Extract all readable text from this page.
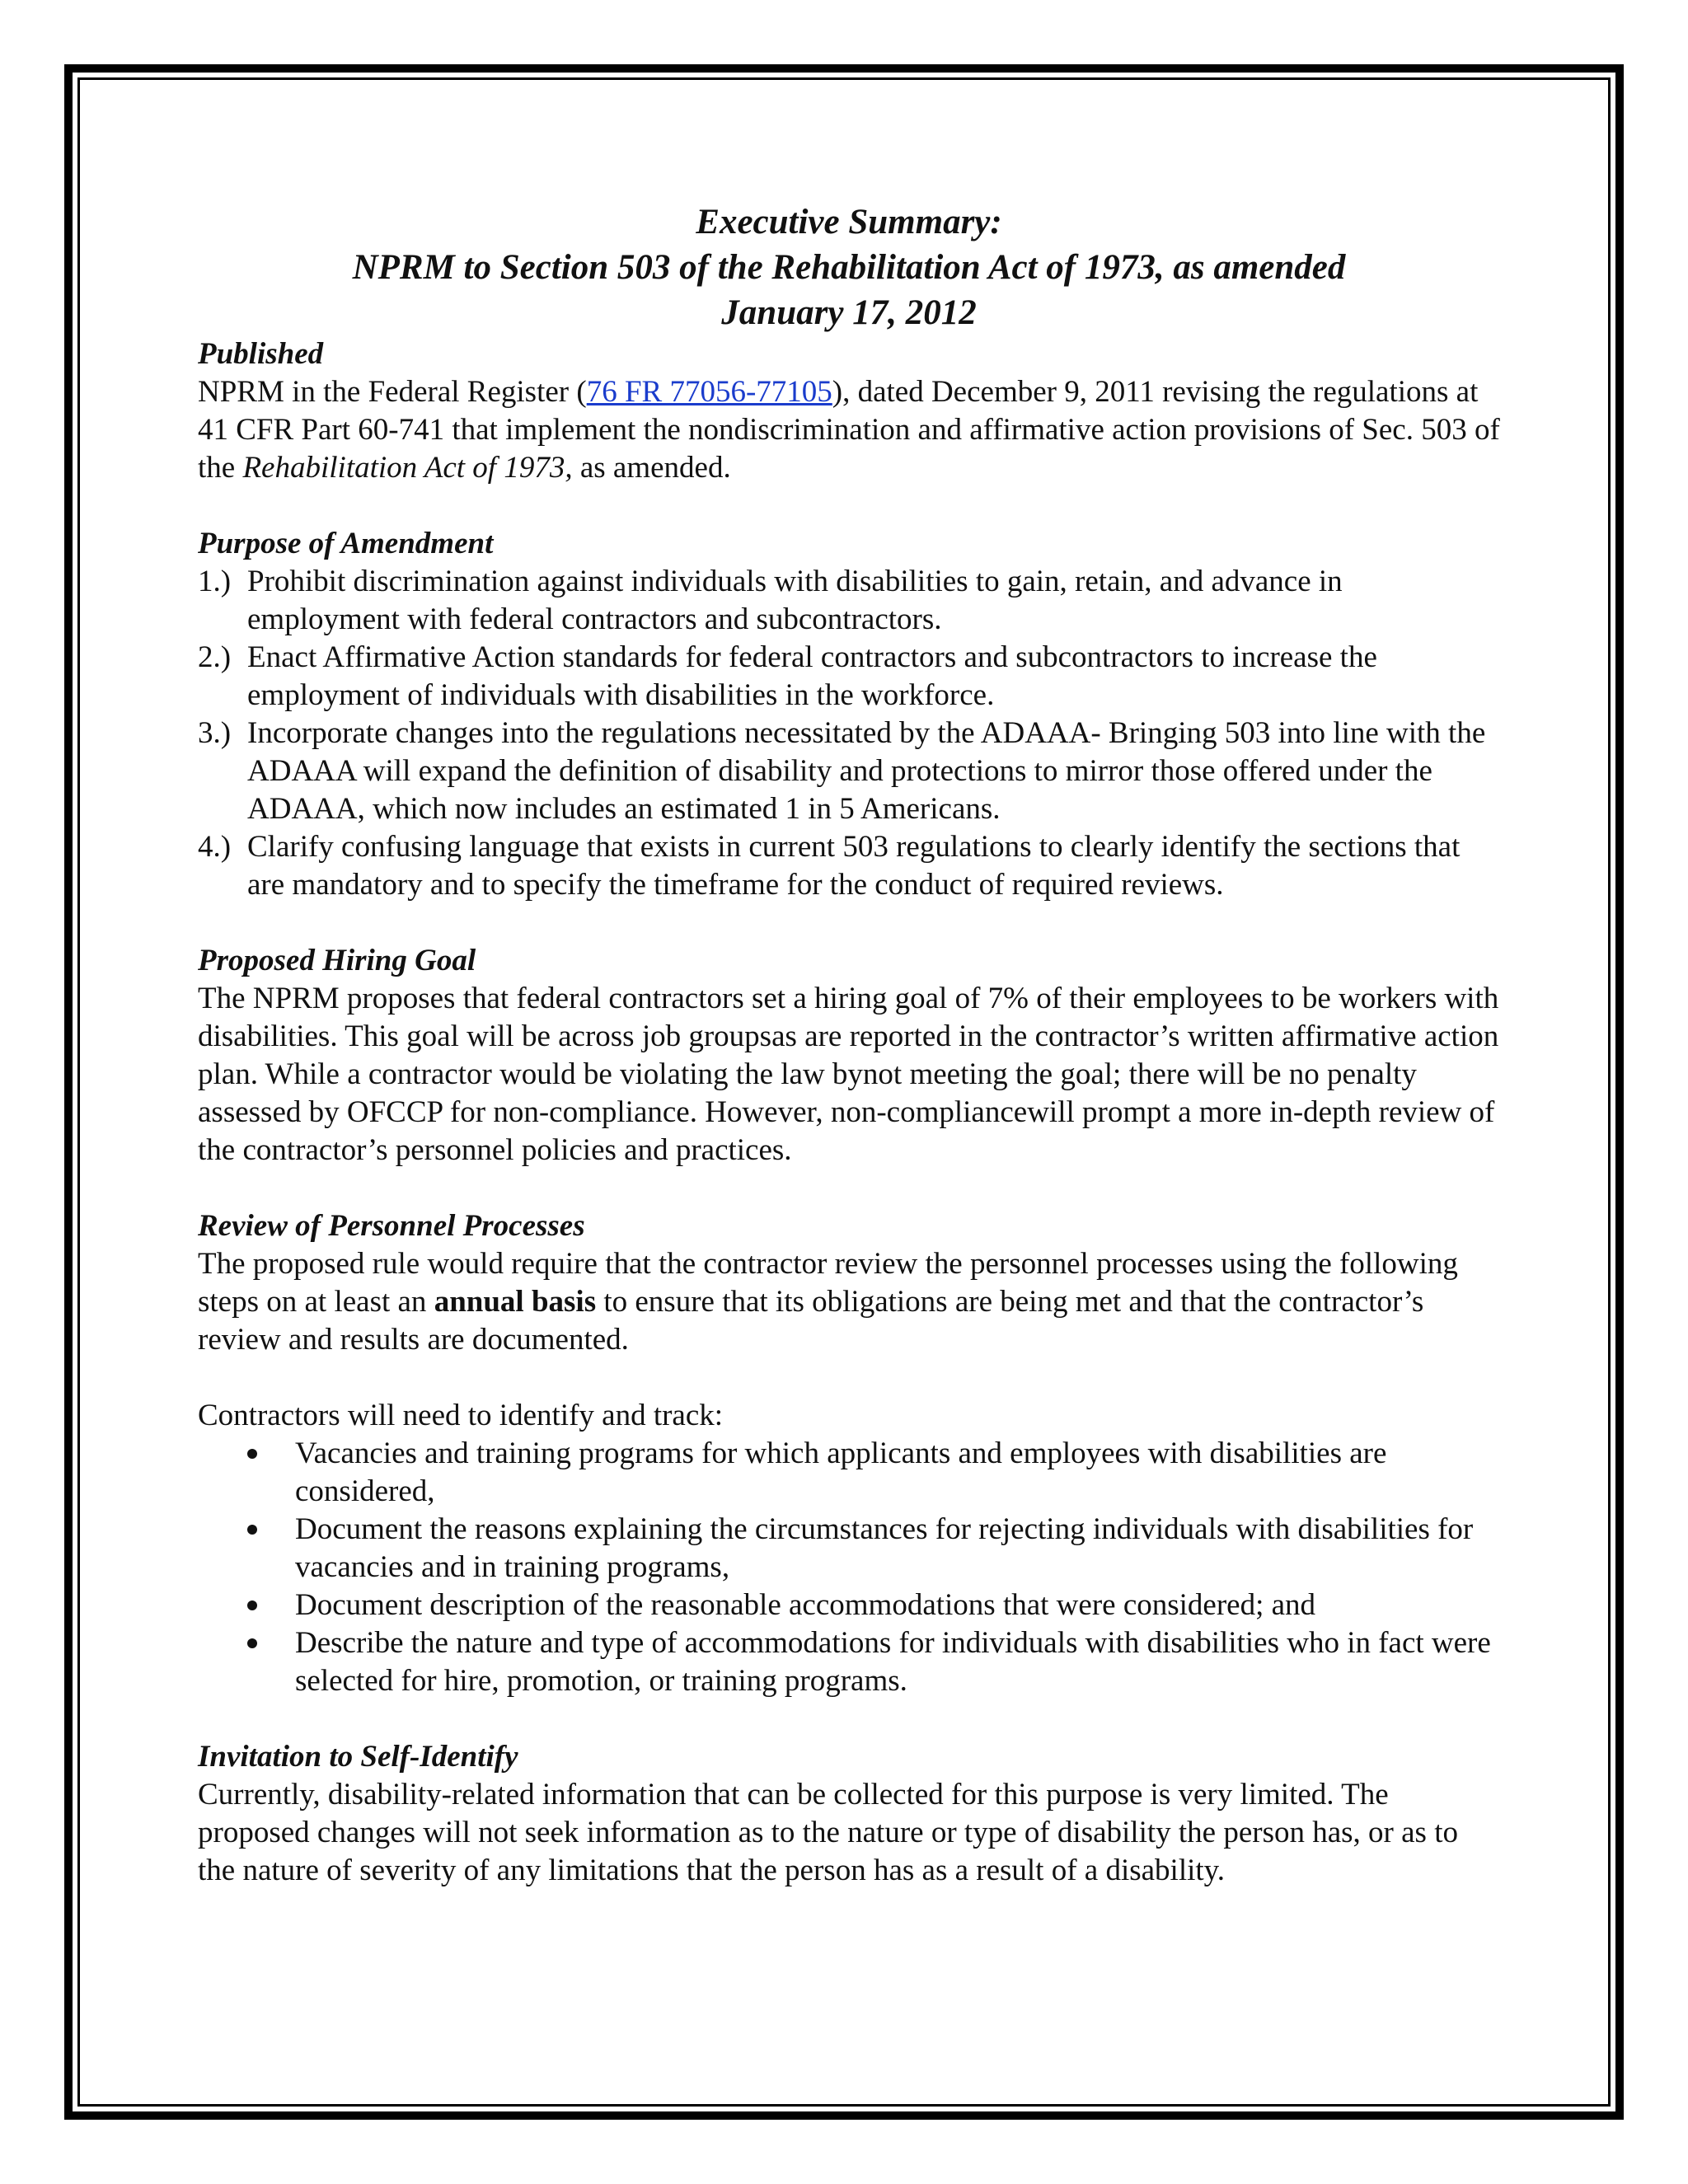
Executive Summary:
NPRM to Section 503 of the Rehabilitation Act of 1973, as amended
January 17, 2012
Published

NPRM in the Federal Register (76 FR 77056-77105), dated December 9, 2011 revising the regulations at 41 CFR Part 60-741 that implement the nondiscrimination and affirmative action provisions of Sec. 503 of the Rehabilitation Act of 1973, as amended.

Purpose of Amendment
1.) Prohibit discrimination against individuals with disabilities to gain, retain, and advance in employment with federal contractors and subcontractors.
2.) Enact Affirmative Action standards for federal contractors and subcontractors to increase the employment of individuals with disabilities in the workforce.
3.) Incorporate changes into the regulations necessitated by the ADAAA- Bringing 503 into line with the ADAAA will expand the definition of disability and protections to mirror those offered under the ADAAA, which now includes an estimated 1 in 5 Americans.
4.) Clarify confusing language that exists in current 503 regulations to clearly identify the sections that are mandatory and to specify the timeframe for the conduct of required reviews.
Proposed Hiring Goal

The NPRM proposes that federal contractors set a hiring goal of 7% of their employees to be workers with disabilities. This goal will be across job groupsas are reported in the contractor’s written affirmative action plan. While a contractor would be violating the law bynot meeting the goal; there will be no penalty assessed by OFCCP for non-compliance. However, non-compliancewill prompt a more in-depth review of the contractor’s personnel policies and practices.

Review of Personnel Processes

The proposed rule would require that the contractor review the personnel processes using the following steps on at least an annual basis to ensure that its obligations are being met and that the contractor’s review and results are documented.

Contractors will need to identify and track:

Vacancies and training programs for which applicants and employees with disabilities are considered,
Document the reasons explaining the circumstances for rejecting individuals with disabilities for vacancies and in training programs,
Document description of the reasonable accommodations that were considered; and
Describe the nature and type of accommodations for individuals with disabilities who in fact were selected for hire, promotion, or training programs.
Invitation to Self-Identify

Currently, disability-related information that can be collected for this purpose is very limited. The proposed changes will not seek information as to the nature or type of disability the person has, or as to the nature of severity of any limitations that the person has as a result of a disability.
